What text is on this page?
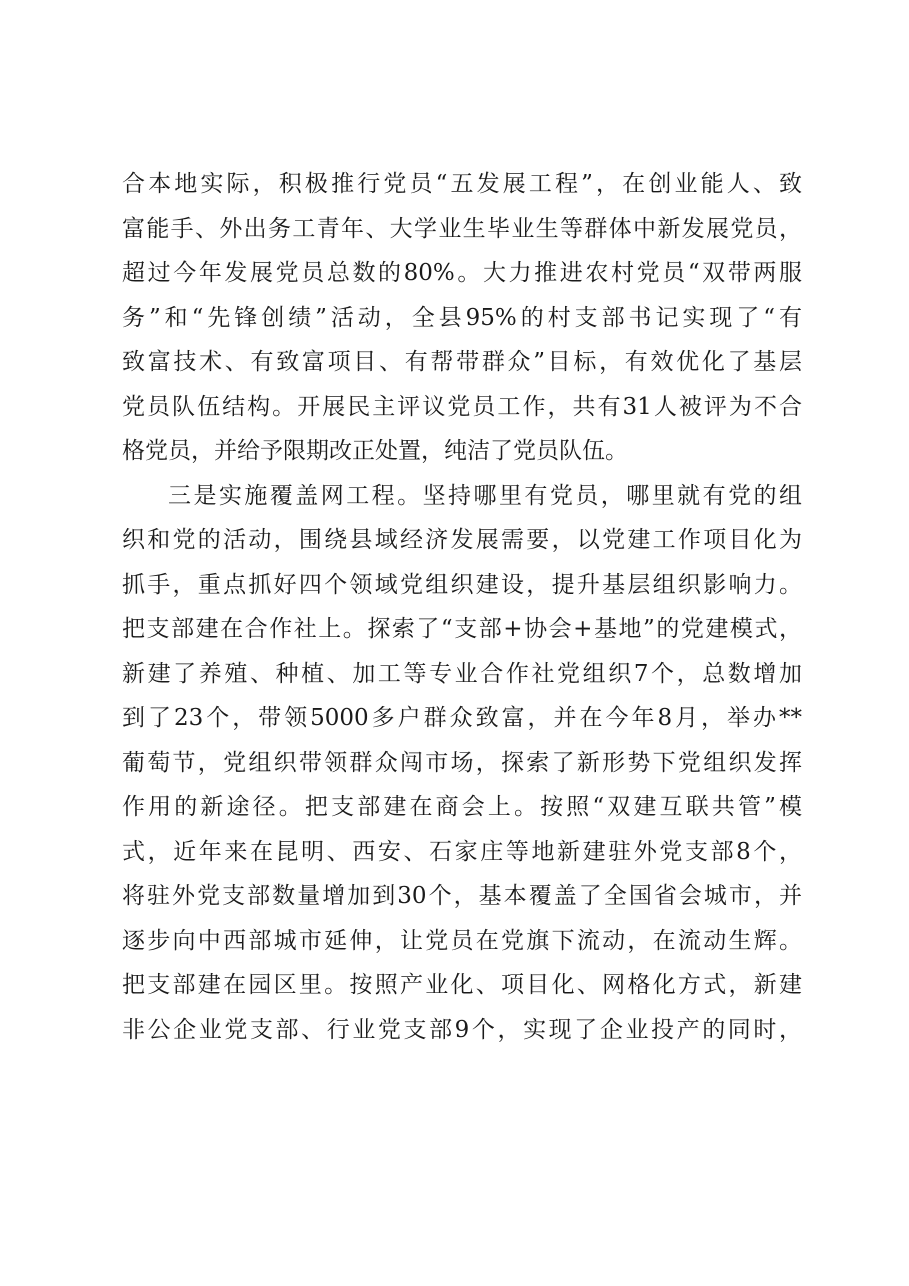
合本地实际，积极推行党员“五发展工程”，在创业能人、致
富能手、外出务工青年、大学业生毕业生等群体中新发展党员，
超过今年发展党员总数的80%。大力推进农村党员“双带两服
务”和“先锋创绩”活动，全县95%的村支部书记实现了“有
致富技术、有致富项目、有帮带群众”目标，有效优化了基层
党员队伍结构。开展民主评议党员工作，共有31人被评为不合
格党员，并给予限期改正处置，纯洁了党员队伍。
三是实施覆盖网工程。坚持哪里有党员，哪里就有党的组
织和党的活动，围绕县域经济发展需要，以党建工作项目化为
抓手，重点抓好四个领域党组织建设，提升基层组织影响力。
把支部建在合作社上。探索了“支部+协会+基地”的党建模式，
新建了养殖、种植、加工等专业合作社党组织7个，总数增加
到了23个，带领5000多户群众致富，并在今年8月，举办**
葡萄节，党组织带领群众闯市场，探索了新形势下党组织发挥
作用的新途径。把支部建在商会上。按照“双建互联共管”模
式，近年来在昆明、西安、石家庄等地新建驻外党支部8个，
将驻外党支部数量增加到30个，基本覆盖了全国省会城市，并
逐步向中西部城市延伸，让党员在党旗下流动，在流动生辉。
把支部建在园区里。按照产业化、项目化、网格化方式，新建
非公企业党支部、行业党支部9个，实现了企业投产的同时，
